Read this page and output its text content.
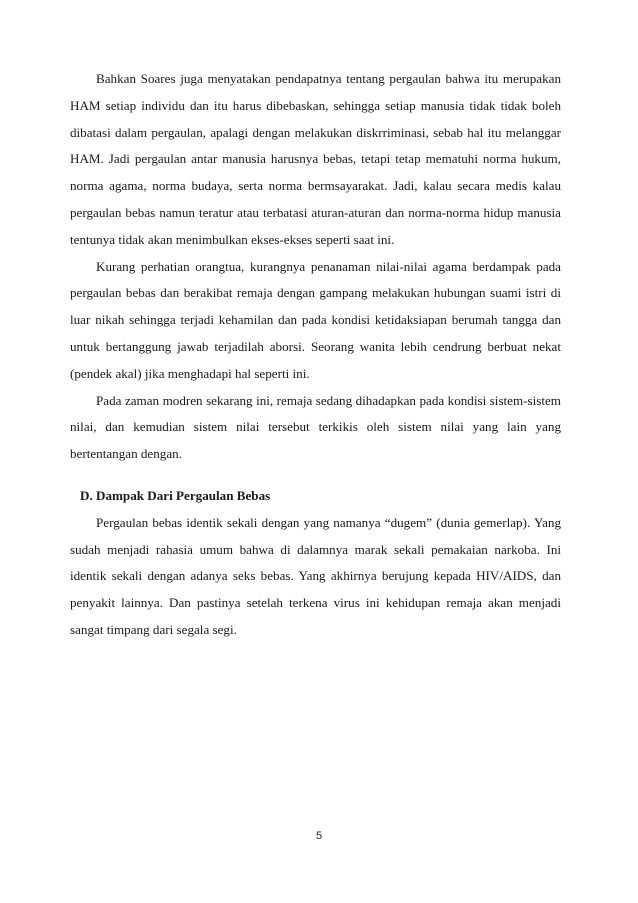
Bahkan Soares juga menyatakan pendapatnya tentang pergaulan bahwa itu merupakan HAM setiap individu dan itu harus dibebaskan, sehingga setiap manusia tidak tidak boleh dibatasi dalam pergaulan, apalagi dengan melakukan diskrriminasi, sebab hal itu melanggar HAM. Jadi pergaulan antar manusia harusnya bebas, tetapi tetap mematuhi norma hukum, norma agama, norma budaya, serta norma bermsayarakat. Jadi, kalau secara medis kalau pergaulan bebas namun teratur atau terbatasi aturan-aturan dan norma-norma hidup manusia tentunya tidak akan menimbulkan ekses-ekses seperti saat ini.

Kurang perhatian orangtua, kurangnya penanaman nilai-nilai agama berdampak pada pergaulan bebas dan berakibat remaja dengan gampang melakukan hubungan suami istri di luar nikah sehingga terjadi kehamilan dan pada kondisi ketidaksiapan berumah tangga dan untuk bertanggung jawab terjadilah aborsi. Seorang wanita lebih cendrung berbuat nekat (pendek akal) jika menghadapi hal seperti ini.

Pada zaman modren sekarang ini, remaja sedang dihadapkan pada kondisi sistem-sistem nilai, dan kemudian sistem nilai tersebut terkikis oleh sistem nilai yang lain yang bertentangan dengan.

D. Dampak Dari Pergaulan Bebas

Pergaulan bebas identik sekali dengan yang namanya “dugem” (dunia gemerlap). Yang sudah menjadi rahasia umum bahwa di dalamnya marak sekali pemakaian narkoba. Ini identik sekali dengan adanya seks bebas. Yang akhirnya berujung kepada HIV/AIDS, dan penyakit lainnya. Dan pastinya setelah terkena virus ini kehidupan remaja akan menjadi sangat timpang dari segala segi.

5
